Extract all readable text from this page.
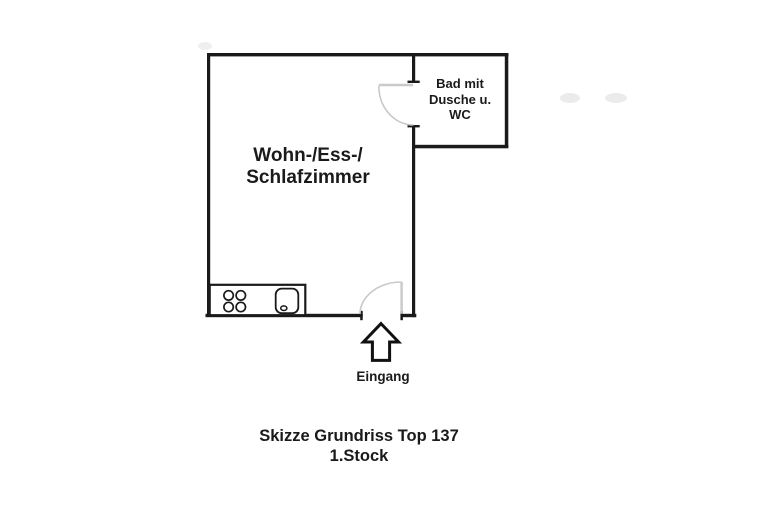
Wohn-/Ess-/
Schlafzimmer
Bad mit
Dusche u.
WC
Eingang
Skizze Grundriss Top 137
1.Stock
